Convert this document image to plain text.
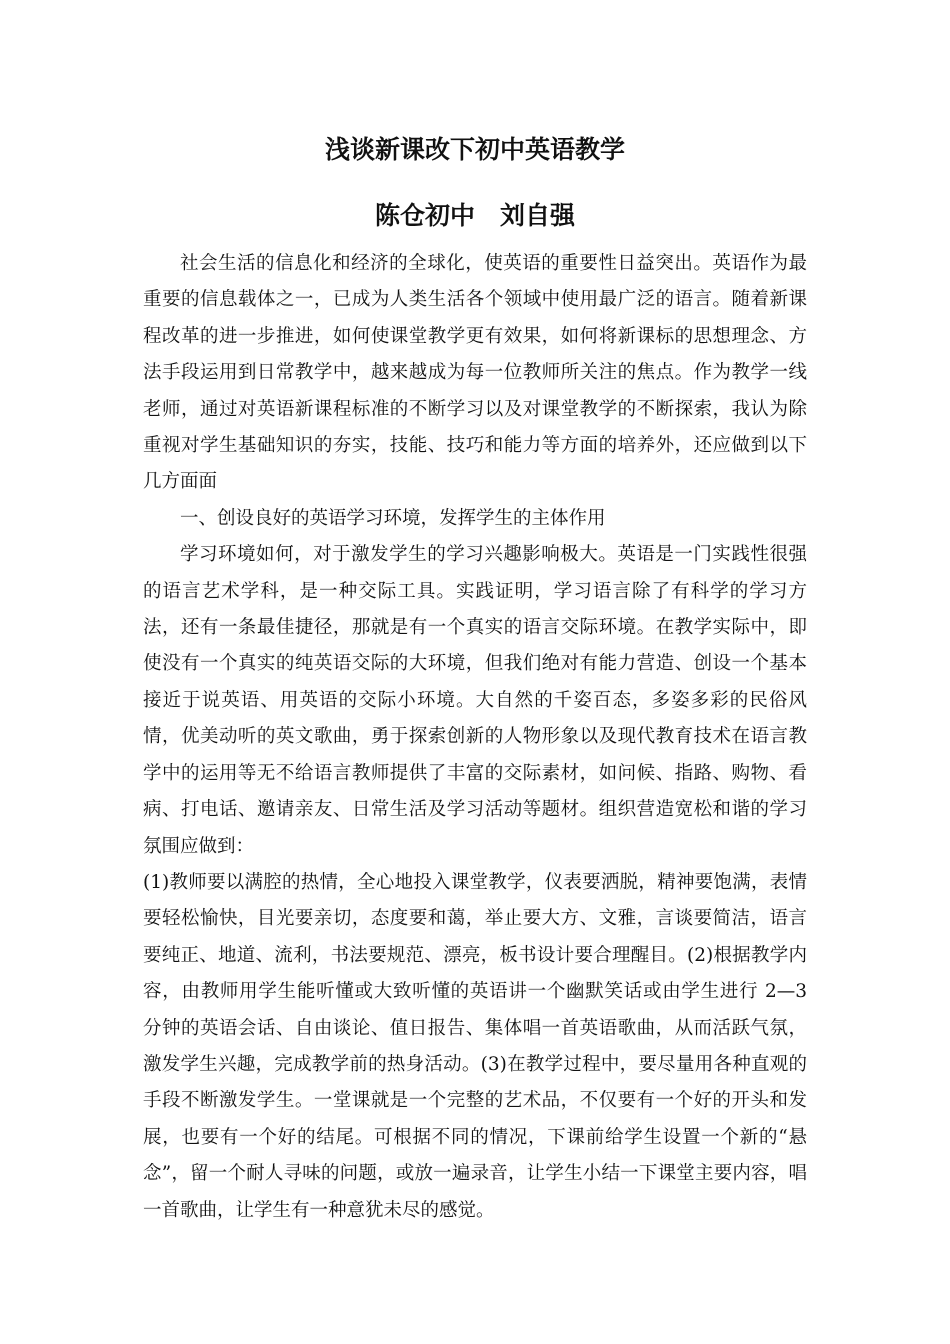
浅谈新课改下初中英语教学
陈仓初中　刘自强

社会生活的信息化和经济的全球化，使英语的重要性日益突出。英语作为最重要的信息载体之一，已成为人类生活各个领域中使用最广泛的语言。随着新课程改革的进一步推进，如何使课堂教学更有效果，如何将新课标的思想理念、方法手段运用到日常教学中，越来越成为每一位教师所关注的焦点。作为教学一线老师，通过对英语新课程标准的不断学习以及对课堂教学的不断探索，我认为除重视对学生基础知识的夯实，技能、技巧和能力等方面的培养外，还应做到以下几方面面

一、创设良好的英语学习环境，发挥学生的主体作用

学习环境如何，对于激发学生的学习兴趣影响极大。英语是一门实践性很强的语言艺术学科，是一种交际工具。实践证明，学习语言除了有科学的学习方法，还有一条最佳捷径，那就是有一个真实的语言交际环境。在教学实际中，即使没有一个真实的纯英语交际的大环境，但我们绝对有能力营造、创设一个基本接近于说英语、用英语的交际小环境。大自然的千姿百态，多姿多彩的民俗风情，优美动听的英文歌曲，勇于探索创新的人物形象以及现代教育技术在语言教学中的运用等无不给语言教师提供了丰富的交际素材，如问候、指路、购物、看病、打电话、邀请亲友、日常生活及学习活动等题材。组织营造宽松和谐的学习氛围应做到：

(1)教师要以满腔的热情，全心地投入课堂教学，仪表要洒脱，精神要饱满，表情要轻松愉快，目光要亲切，态度要和蔼，举止要大方、文雅，言谈要简洁，语言要纯正、地道、流利，书法要规范、漂亮，板书设计要合理醒目。(2)根据教学内容，由教师用学生能听懂或大致听懂的英语讲一个幽默笑话或由学生进行 2—3 分钟的英语会话、自由谈论、值日报告、集体唱一首英语歌曲，从而活跃气氛，激发学生兴趣，完成教学前的热身活动。(3)在教学过程中，要尽量用各种直观的手段不断激发学生。一堂课就是一个完整的艺术品，不仅要有一个好的开头和发展，也要有一个好的结尾。可根据不同的情况，下课前给学生设置一个新的“悬念”，留一个耐人寻味的问题，或放一遍录音，让学生小结一下课堂主要内容，唱一首歌曲，让学生有一种意犹未尽的感觉。
